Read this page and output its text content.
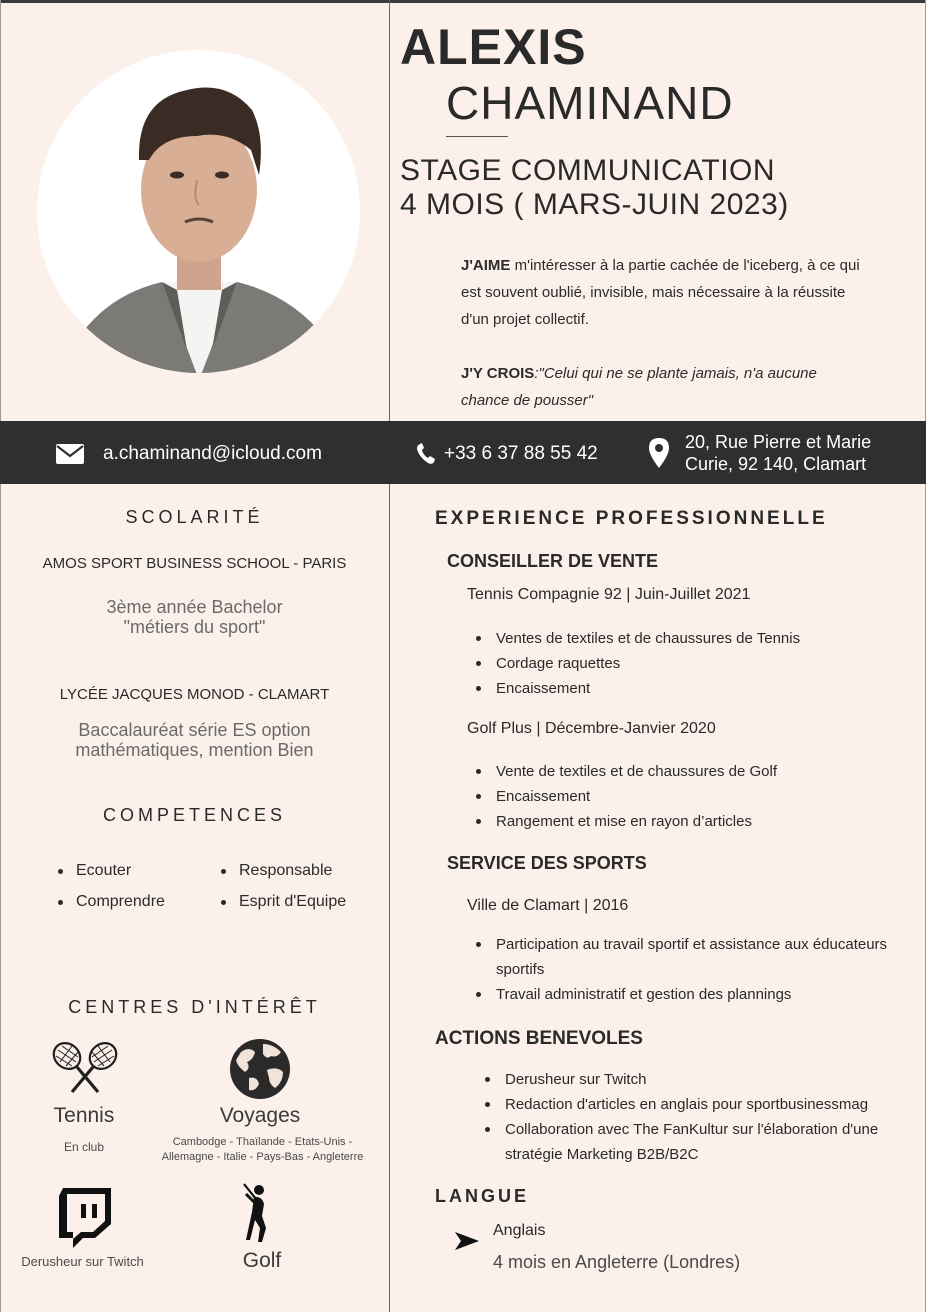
ALEXIS
CHAMINAND
STAGE COMMUNICATION
4 MOIS ( MARS-JUIN 2023)

J'AIME m'intéresser à la partie cachée de l'iceberg, à ce qui est souvent oublié, invisible, mais nécessaire à la réussite d'un projet collectif.

J'Y CROIS:"Celui qui ne se plante jamais, n'a aucune chance de pousser"

a.chaminand@icloud.com	+33 6 37 88 55 42
20, Rue Pierre et Marie
Curie, 92 140, Clamart
SCOLARITÉ
AMOS SPORT BUSINESS SCHOOL - PARIS
3ème année Bachelor
"métiers du sport"
LYCÉE JACQUES MONOD - CLAMART
Baccalauréat série ES option
mathématiques, mention Bien
COMPETENCES
Ecouter
Comprendre
Responsable
Esprit d'Equipe
CENTRES D'INTÉRÊT
Tennis
En club
Voyages
Cambodge - Thaïlande - Etats-Unis -
Allemagne - Italie - Pays-Bas - Angleterre
Derusheur sur Twitch	Golf
EXPERIENCE PROFESSIONNELLE
CONSEILLER DE VENTE
Tennis Compagnie 92 | Juin-Juillet 2021
Ventes de textiles et de chaussures de Tennis
Cordage raquettes
Encaissement
Golf Plus | Décembre-Janvier 2020
Vente de textiles et de chaussures de Golf
Encaissement
Rangement et mise en rayon d’articles
SERVICE DES SPORTS
Ville de Clamart | 2016
Participation au travail sportif et assistance aux éducateurs
sportifs
Travail administratif et gestion des plannings
ACTIONS BENEVOLES
Derusheur sur Twitch
Redaction d'articles en anglais pour sportbusinessmag
Collaboration avec The FanKultur sur l'élaboration d'une
stratégie Marketing B2B/B2C
LANGUE
Anglais
4 mois en Angleterre (Londres)
